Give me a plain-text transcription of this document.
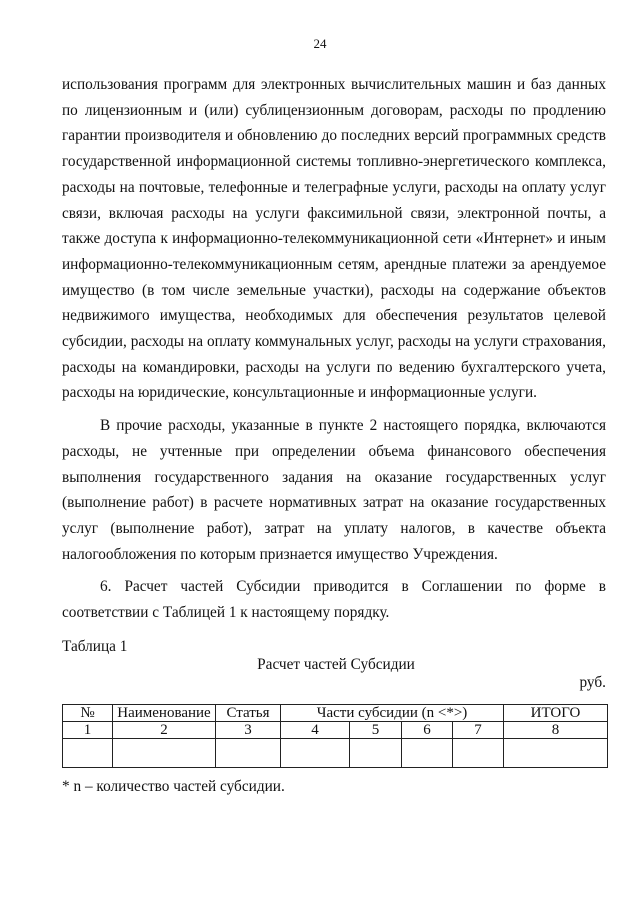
24

использования программ для электронных вычислительных машин и баз данных по лицензионным и (или) сублицензионным договорам, расходы по продлению гарантии производителя и обновлению до последних версий программных средств государственной информационной системы топливно-энергетического комплекса, расходы на почтовые, телефонные и телеграфные услуги, расходы на оплату услуг связи, включая расходы на услуги факсимильной связи, электронной почты, а также доступа к информационно-телекоммуникационной сети «Интернет» и иным информационно-телекоммуникационным сетям, арендные платежи за арендуемое имущество (в том числе земельные участки), расходы на содержание объектов недвижимого имущества, необходимых для обеспечения результатов целевой субсидии, расходы на оплату коммунальных услуг, расходы на услуги страхования, расходы на командировки, расходы на услуги по ведению бухгалтерского учета, расходы на юридические, консультационные и информационные услуги.

В прочие расходы, указанные в пункте 2 настоящего порядка, включаются расходы, не учтенные при определении объема финансового обеспечения выполнения государственного задания на оказание государственных услуг (выполнение работ) в расчете нормативных затрат на оказание государственных услуг (выполнение работ), затрат на уплату налогов, в качестве объекта налогообложения по которым признается имущество Учреждения.

6. Расчет частей Субсидии приводится в Соглашении по форме в соответствии с Таблицей 1 к настоящему порядку.

Таблица 1
Расчет частей Субсидии
руб.
№	Наименование	Статья	Части субсидии (n <*>)				ИТОГО
1	2	3	4	5	6	7	8

* n – количество частей субсидии.
